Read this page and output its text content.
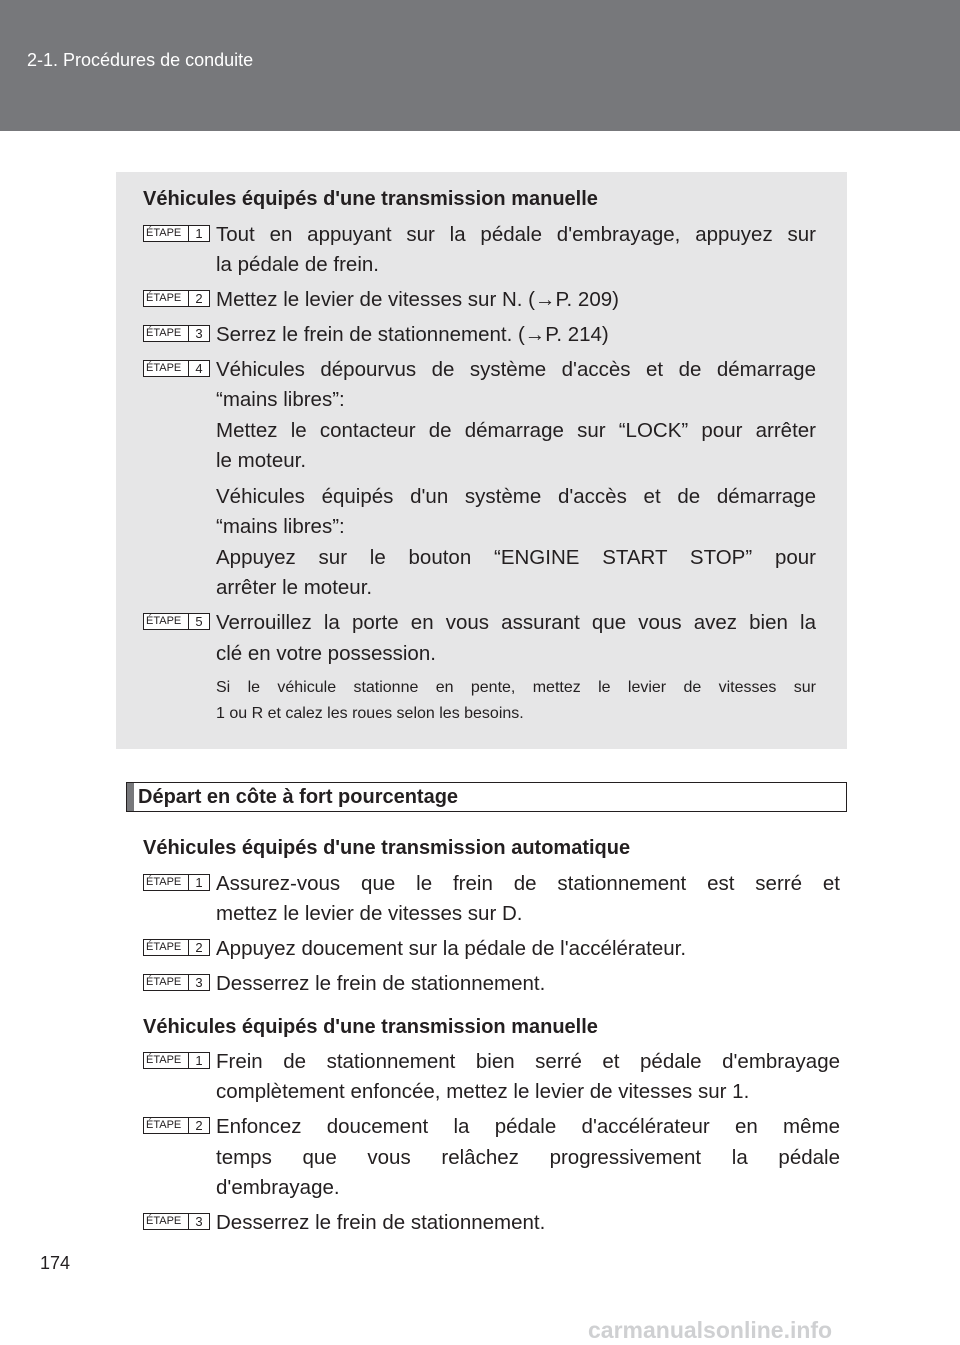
2-1. Procédures de conduite
Véhicules équipés d'une transmission manuelle
ÉTAPE	1 Tout en appuyant sur la pédale d'embrayage, appuyez sur
la pédale de frein.
ÉTAPE	2 Mettez le levier de vitesses sur N. (→P. 209)
ÉTAPE	3 Serrez le frein de stationnement. (→P. 214)
ÉTAPE	4 Véhicules dépourvus de système d'accès et de démarrage
“mains libres”:
Mettez le contacteur de démarrage sur “LOCK” pour arrêter
le moteur.
Véhicules équipés d'un système d'accès et de démarrage
“mains libres”:
Appuyez sur le bouton “ENGINE START STOP” pour
arrêter le moteur.
ÉTAPE	5 Verrouillez la porte en vous assurant que vous avez bien la
clé en votre possession.
Si le véhicule stationne en pente, mettez le levier de vitesses sur
1 ou R et calez les roues selon les besoins.
Départ en côte à fort pourcentage
Véhicules équipés d'une transmission automatique
ÉTAPE	1 Assurez-vous que le frein de stationnement est serré et
mettez le levier de vitesses sur D.
ÉTAPE	2 Appuyez doucement sur la pédale de l'accélérateur.
ÉTAPE	3 Desserrez le frein de stationnement.
Véhicules équipés d'une transmission manuelle
ÉTAPE	1 Frein de stationnement bien serré et pédale d'embrayage
complètement enfoncée, mettez le levier de vitesses sur 1.
ÉTAPE	2 Enfoncez doucement la pédale d'accélérateur en même
temps que vous relâchez progressivement la pédale
d'embrayage.
ÉTAPE	3 Desserrez le frein de stationnement.
174
carmanualsonline.info
